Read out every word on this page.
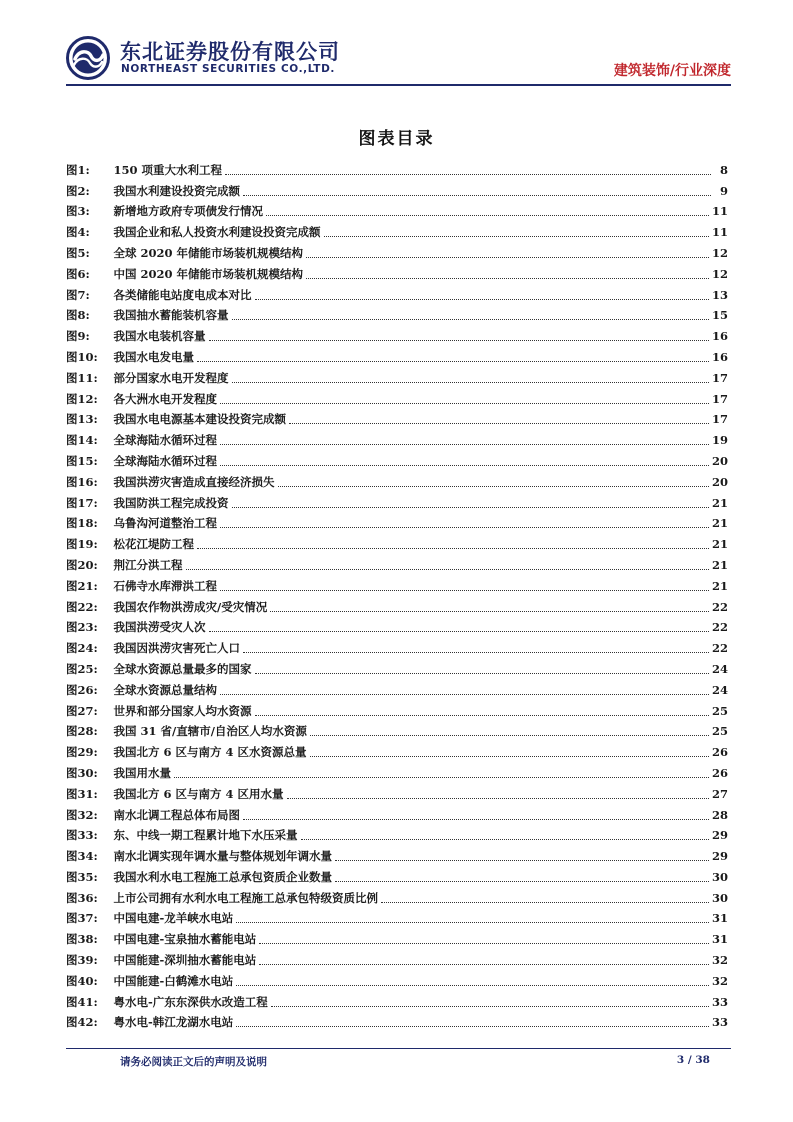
东北证券股份有限公司
NORTHEAST SECURITIES CO.,LTD.	建筑装饰/行业深度
图表目录
图 1:	150 项重大水利工程	8
图 2:	我国水利建设投资完成额	9
图 3:	新增地方政府专项债发行情况	11
图 4:	我国企业和私人投资水利建设投资完成额	11
图 5:	全球 2020 年储能市场装机规模结构	12
图 6:	中国 2020 年储能市场装机规模结构	12
图 7:	各类储能电站度电成本对比	13
图 8:	我国抽水蓄能装机容量	15
图 9:	我国水电装机容量	16
图 10:	我国水电发电量	16
图 11:	部分国家水电开发程度	17
图 12:	各大洲水电开发程度	17
图 13:	我国水电电源基本建设投资完成额	17
图 14:	全球海陆水循环过程	19
图 15:	全球海陆水循环过程	20
图 16:	我国洪涝灾害造成直接经济损失	20
图 17:	我国防洪工程完成投资	21
图 18:	乌鲁沟河道整治工程	21
图 19:	松花江堤防工程	21
图 20:	荆江分洪工程	21
图 21:	石佛寺水库滞洪工程	21
图 22:	我国农作物洪涝成灾/受灾情况	22
图 23:	我国洪涝受灾人次	22
图 24:	我国因洪涝灾害死亡人口	22
图 25:	全球水资源总量最多的国家	24
图 26:	全球水资源总量结构	24
图 27:	世界和部分国家人均水资源	25
图 28:	我国 31 省/直辖市/自治区人均水资源	25
图 29:	我国北方 6 区与南方 4 区水资源总量	26
图 30:	我国用水量	26
图 31:	我国北方 6 区与南方 4 区用水量	27
图 32:	南水北调工程总体布局图	28
图 33:	东、中线一期工程累计地下水压采量	29
图 34:	南水北调实现年调水量与整体规划年调水量	29
图 35:	我国水利水电工程施工总承包资质企业数量	30
图 36:	上市公司拥有水利水电工程施工总承包特级资质比例	30
图 37:	中国电建-龙羊峡水电站	31
图 38:	中国电建-宝泉抽水蓄能电站	31
图 39:	中国能建-深圳抽水蓄能电站	32
图 40:	中国能建-白鹤滩水电站	32
图 41:	粤水电-广东东深供水改造工程	33
图 42:	粤水电-韩江龙湖水电站	33
请务必阅读正文后的声明及说明	3 / 38
